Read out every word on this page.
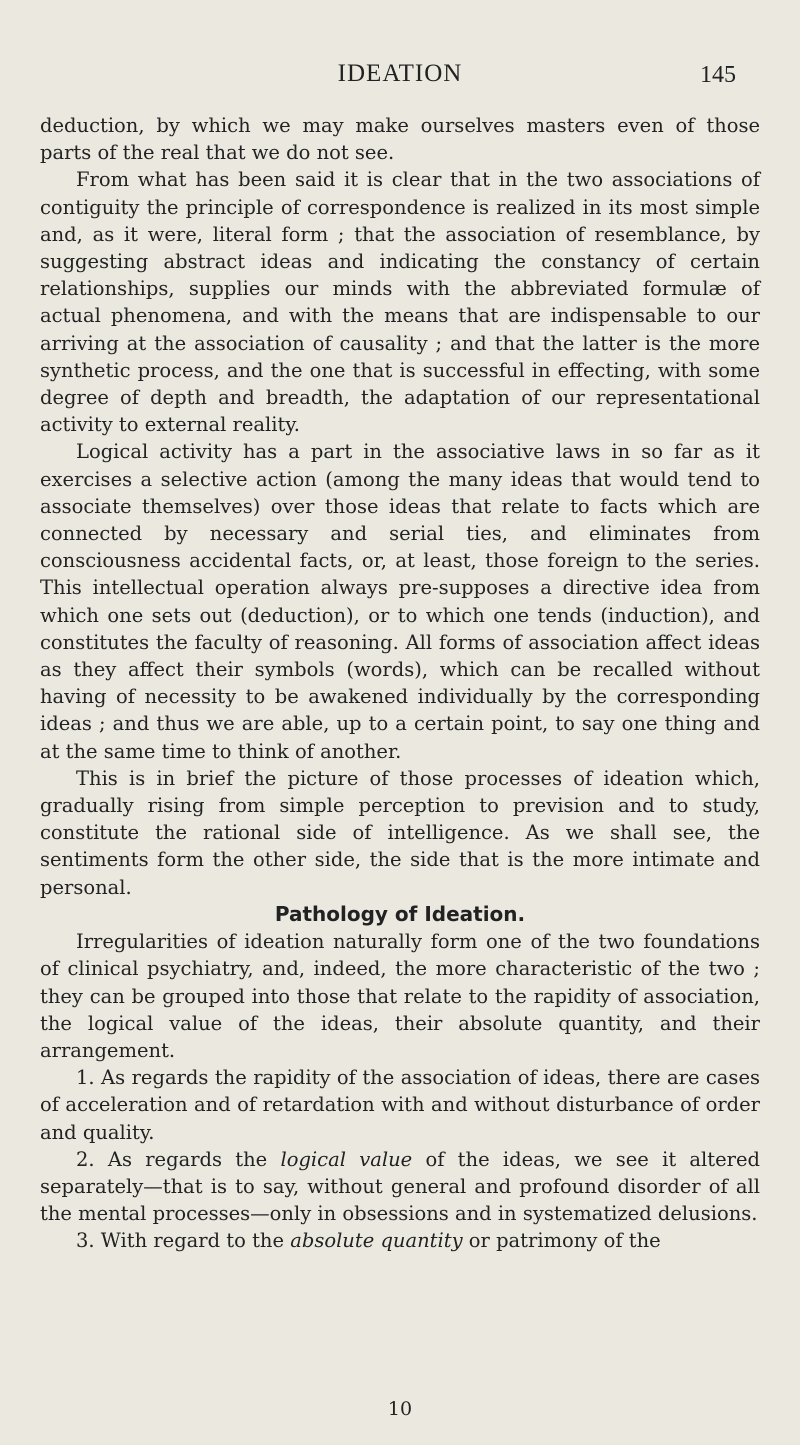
IDEATION	145

deduction, by which we may make ourselves masters even of those parts of the real that we do not see.

From what has been said it is clear that in the two associations of contiguity the principle of correspondence is realized in its most simple and, as it were, literal form ; that the association of resemblance, by suggesting abstract ideas and indicating the constancy of certain relationships, supplies our minds with the abbreviated formulæ of actual phenomena, and with the means that are indispensable to our arriving at the association of causality ; and that the latter is the more synthetic process, and the one that is successful in effecting, with some degree of depth and breadth, the adaptation of our representational activity to external reality.

Logical activity has a part in the associative laws in so far as it exercises a selective action (among the many ideas that would tend to associate themselves) over those ideas that relate to facts which are connected by necessary and serial ties, and eliminates from consciousness accidental facts, or, at least, those foreign to the series. This intellectual operation always pre-supposes a directive idea from which one sets out (deduction), or to which one tends (induction), and constitutes the faculty of reasoning. All forms of association affect ideas as they affect their symbols (words), which can be recalled without having of necessity to be awakened individually by the corresponding ideas ; and thus we are able, up to a certain point, to say one thing and at the same time to think of another.

This is in brief the picture of those processes of ideation which, gradually rising from simple perception to prevision and to study, constitute the rational side of intelligence. As we shall see, the sentiments form the other side, the side that is the more intimate and personal.

Pathology of Ideation.

Irregularities of ideation naturally form one of the two foundations of clinical psychiatry, and, indeed, the more characteristic of the two ; they can be grouped into those that relate to the rapidity of association, the logical value of the ideas, their absolute quantity, and their arrangement.

1. As regards the rapidity of the association of ideas, there are cases of acceleration and of retardation with and without disturbance of order and quality.

2. As regards the logical value of the ideas, we see it altered separately—that is to say, without general and profound disorder of all the mental processes—only in obsessions and in systematized delusions.

3. With regard to the absolute quantity or patrimony of the

10
